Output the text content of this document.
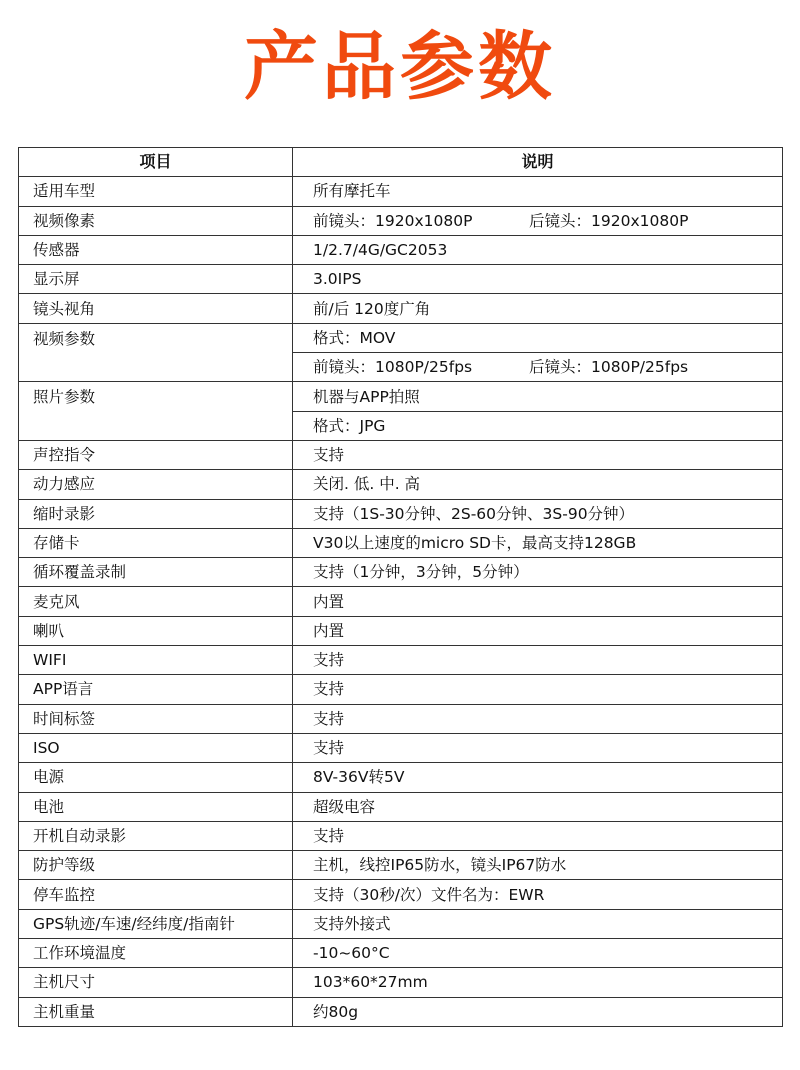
产品参数
项目	说明
适用车型	所有摩托车
视频像素	前镜头：1920x1080P 后镜头：1920x1080P
传感器	1/2.7/4G/GC2053
显示屏	3.0IPS
镜头视角	前/后 120度广角
视频参数	格式：MOV
	前镜头：1080P/25fps 后镜头：1080P/25fps
照片参数	机器与APP拍照
	格式：JPG
声控指令	支持
动力感应	关闭. 低. 中. 高
缩时录影	支持（1S-30分钟、2S-60分钟、3S-90分钟）
存储卡	V30以上速度的micro SD卡，最高支持128GB
循环覆盖录制	支持（1分钟，3分钟，5分钟）
麦克风	内置
喇叭	内置
WIFI	支持
APP语言	支持
时间标签	支持
ISO	支持
电源	8V-36V转5V
电池	超级电容
开机自动录影	支持
防护等级	主机，线控IP65防水，镜头IP67防水
停车监控	支持（30秒/次）文件名为：EWR
GPS轨迹/车速/经纬度/指南针	支持外接式
工作环境温度	-10~60°C
主机尺寸	103*60*27mm
主机重量	约80g
